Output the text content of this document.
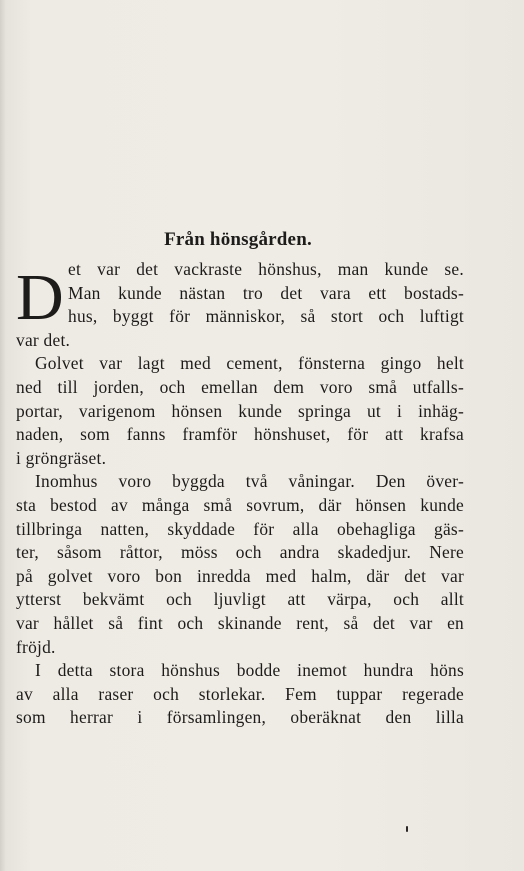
Från hönsgården.
D et var det vackraste hönshus, man kunde se.
Man kunde nästan tro det vara ett bostads-
hus, byggt för människor, så stort och luftigt
var det.
Golvet var lagt med cement, fönsterna gingo helt
ned till jorden, och emellan dem voro små utfalls-
portar, varigenom hönsen kunde springa ut i inhäg-
naden, som fanns framför hönshuset, för att krafsa
i gröngräset.
Inomhus voro byggda två våningar. Den över-
sta bestod av många små sovrum, där hönsen kunde
tillbringa natten, skyddade för alla obehagliga gäs-
ter, såsom råttor, möss och andra skadedjur. Nere
på golvet voro bon inredda med halm, där det var
ytterst bekvämt och ljuvligt att värpa, och allt
var hållet så fint och skinande rent, så det var en
fröjd.
I detta stora hönshus bodde inemot hundra höns
av alla raser och storlekar. Fem tuppar regerade
som herrar i församlingen, oberäknat den lilla
